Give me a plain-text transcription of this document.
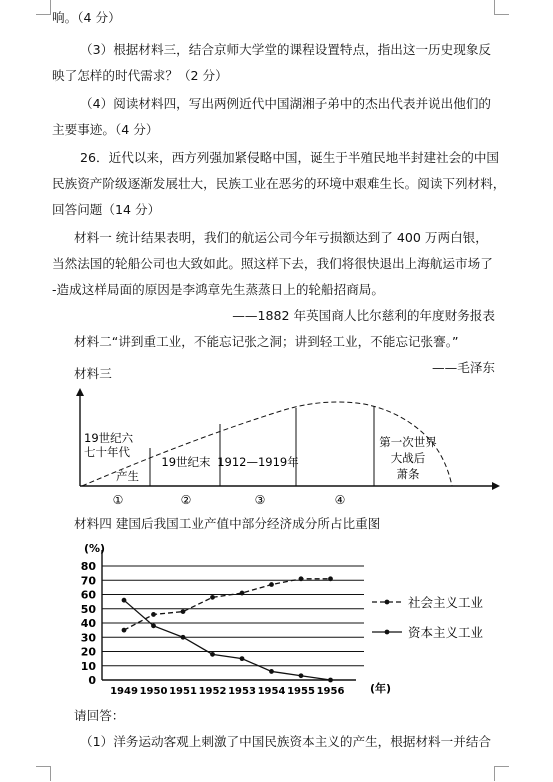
响。（4 分）
（3）根据材料三，结合京师大学堂的课程设置特点，指出这一历史现象反
映了怎样的时代需求？（2 分）
（4）阅读材料四，写出两例近代中国湖湘子弟中的杰出代表并说出他们的
主要事迹。（4 分）
26．近代以来，西方列强加紧侵略中国，诞生于半殖民地半封建社会的中国
民族资产阶级逐渐发展壮大，民族工业在恶劣的环境中艰难生长。阅读下列材料，
回答问题（14 分）
材料一 统计结果表明，我们的航运公司今年亏损额达到了 400 万两白银，
当然法国的轮船公司也大致如此。照这样下去，我们将很快退出上海航运市场了
-造成这样局面的原因是李鸿章先生蒸蒸日上的轮船招商局。
——1882 年英国商人比尔慈利的年度财务报表
材料二“讲到重工业，不能忘记张之洞；讲到轻工业，不能忘记张謇。”
——毛泽东
材料三
19世纪六
七十年代
产生
19世纪末 1912—1919年
第一次世界
大战后
萧条
①	②	③	④
材料四 建国后我国工业产值中部分经济成分所占比重图
0
10
20
30
40
50
60
70
80
(%)
1949 1950 1951 1952 1953 1954 1955 1956 (年)
社会主义工业
资本主义工业
请回答：
（1）洋务运动客观上刺激了中国民族资本主义的产生，根据材料一并结合
